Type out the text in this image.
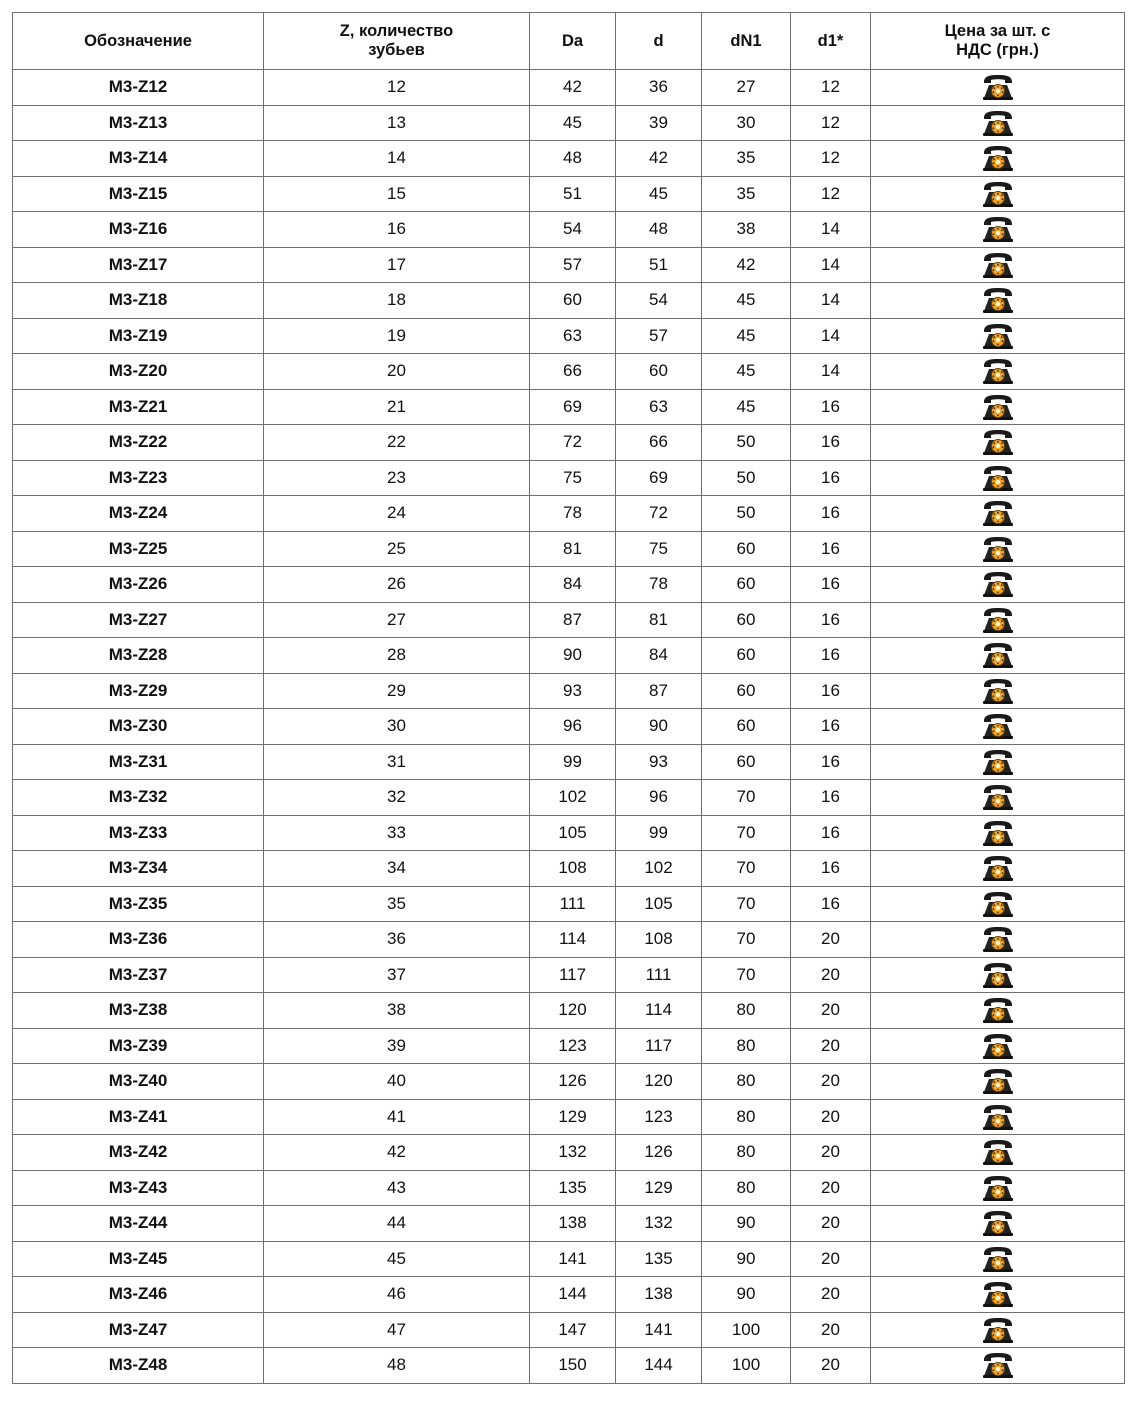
Обозначение	Z, количество зубьев	Da	d	dN1	d1*	Цена за шт. с НДС (грн.)
M3-Z12	12	42	36	27	12	

M3-Z13	13	45	39	30	12	

M3-Z14	14	48	42	35	12	

M3-Z15	15	51	45	35	12	

M3-Z16	16	54	48	38	14	

M3-Z17	17	57	51	42	14	

M3-Z18	18	60	54	45	14	

M3-Z19	19	63	57	45	14	

M3-Z20	20	66	60	45	14	

M3-Z21	21	69	63	45	16	

M3-Z22	22	72	66	50	16	

M3-Z23	23	75	69	50	16	

M3-Z24	24	78	72	50	16	

M3-Z25	25	81	75	60	16	

M3-Z26	26	84	78	60	16	

M3-Z27	27	87	81	60	16	

M3-Z28	28	90	84	60	16	

M3-Z29	29	93	87	60	16	

M3-Z30	30	96	90	60	16	

M3-Z31	31	99	93	60	16	

M3-Z32	32	102	96	70	16	

M3-Z33	33	105	99	70	16	

M3-Z34	34	108	102	70	16	

M3-Z35	35	111	105	70	16	

M3-Z36	36	114	108	70	20	

M3-Z37	37	117	111	70	20	

M3-Z38	38	120	114	80	20	

M3-Z39	39	123	117	80	20	

M3-Z40	40	126	120	80	20	

M3-Z41	41	129	123	80	20	

M3-Z42	42	132	126	80	20	

M3-Z43	43	135	129	80	20	

M3-Z44	44	138	132	90	20	

M3-Z45	45	141	135	90	20	

M3-Z46	46	144	138	90	20	

M3-Z47	47	147	141	100	20	

M3-Z48	48	150	144	100	20	
